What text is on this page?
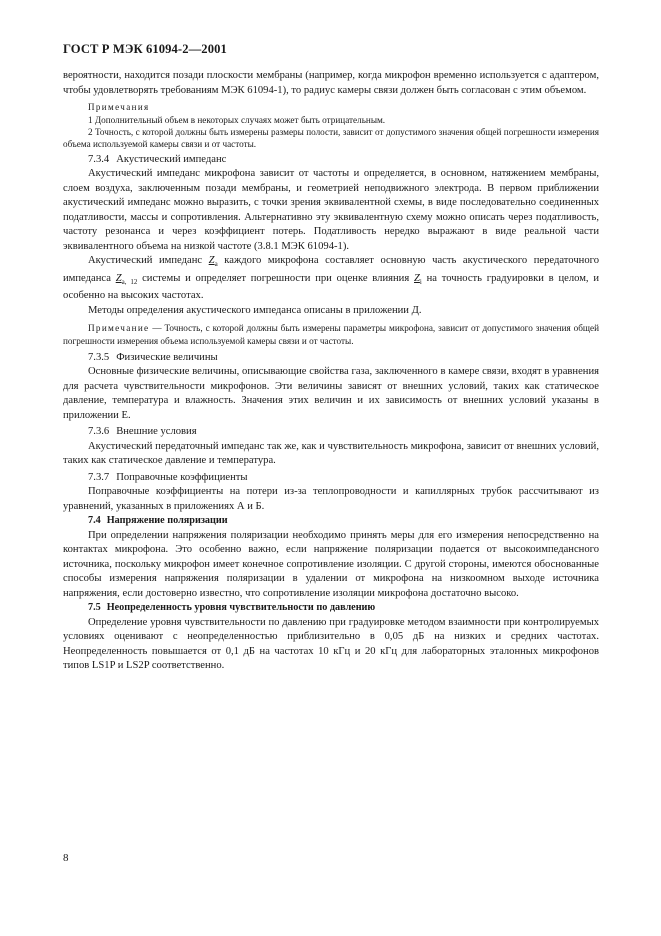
ГОСТ Р МЭК 61094-2—2001

вероятности, находится позади плоскости мембраны (например, когда микрофон временно используется с адаптером, чтобы удовлетворять требованиям МЭК 61094-1), то радиус камеры связи должен быть согласован с этим объемом.

Примечания

1 Дополнительный объем в некоторых случаях может быть отрицательным.

2 Точность, с которой должны быть измерены размеры полости, зависит от допустимого значения общей погрешности измерения объема используемой камеры связи и от частоты.

7.3.4 Акустический импеданс

Акустический импеданс микрофона зависит от частоты и определяется, в основном, натяжением мембраны, слоем воздуха, заключенным позади мембраны, и геометрией неподвижного электрода. В первом приближении акустический импеданс можно выразить, с точки зрения эквивалентной схемы, в виде последовательно соединенных податливости, массы и сопротивления. Альтернативно эту эквивалентную схему можно описать через податливость, частоту резонанса и через коэффициент потерь. Податливость нередко выражают в виде реальной части эквивалентного объема на низкой частоте (3.8.1 МЭК 61094-1).

Акустический импеданс $Z_a$ каждого микрофона составляет основную часть акустического передаточного импеданса $Z_{a, 12}$ системы и определяет погрешности при оценке влияния $Z_i$ на точность градуировки в целом, и особенно на высоких частотах.

Методы определения акустического импеданса описаны в приложении Д.

Примечание — Точность, с которой должны быть измерены параметры микрофона, зависит от допустимого значения общей погрешности измерения объема используемой камеры связи и от частоты.

7.3.5 Физические величины

Основные физические величины, описывающие свойства газа, заключенного в камере связи, входят в уравнения для расчета чувствительности микрофонов. Эти величины зависят от внешних условий, таких как статическое давление, температура и влажность. Значения этих величин и их зависимость от внешних условий указаны в приложении Е.

7.3.6 Внешние условия

Акустический передаточный импеданс так же, как и чувствительность микрофона, зависит от внешних условий, таких как статическое давление и температура.

7.3.7 Поправочные коэффициенты

Поправочные коэффициенты на потери из-за теплопроводности и капиллярных трубок рассчитывают из уравнений, указанных в приложениях А и Б.

7.4 Напряжение поляризации

При определении напряжения поляризации необходимо принять меры для его измерения непосредственно на контактах микрофона. Это особенно важно, если напряжение поляризации подается от высокоимпедансного источника, поскольку микрофон имеет конечное сопротивление изоляции. С другой стороны, имеются обоснованные способы измерения напряжения поляризации в удалении от микрофона на низкоомном выходе источника напряжения, если достоверно известно, что сопротивление изоляции микрофона достаточно высоко.

7.5 Неопределенность уровня чувствительности по давлению

Определение уровня чувствительности по давлению при градуировке методом взаимности при контролируемых условиях оценивают с неопределенностью приблизительно в 0,05 дБ на низких и средних частотах. Неопределенность повышается от 0,1 дБ на частотах 10 кГц и 20 кГц для лабораторных эталонных микрофонов типов LS1P и LS2P соответственно.

8
